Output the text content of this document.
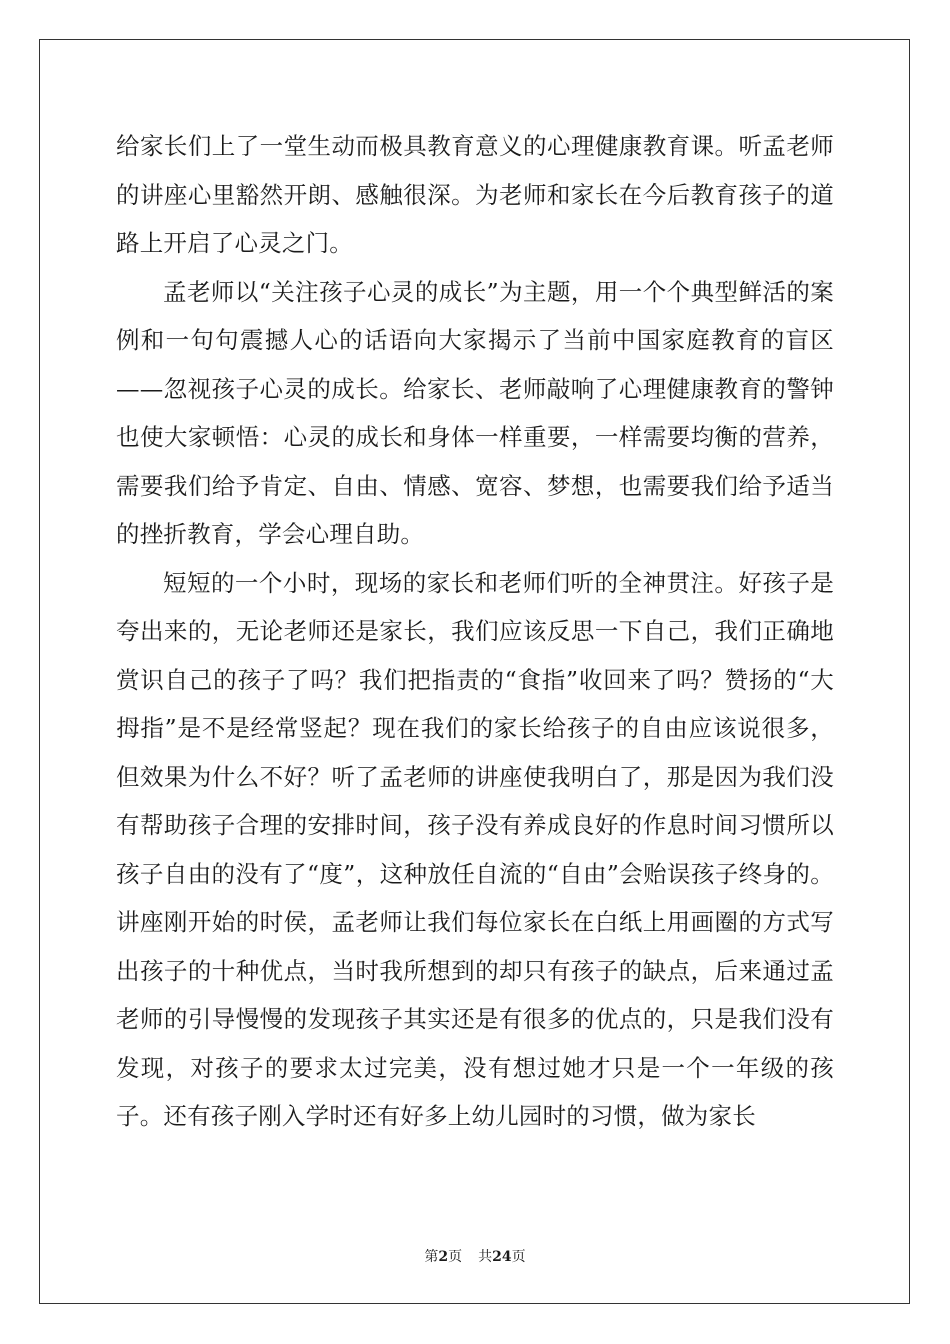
给家长们上了一堂生动而极具教育意义的心理健康教育课。听孟老师的讲座心里豁然开朗、感触很深。为老师和家长在今后教育孩子的道路上开启了心灵之门。

孟老师以“关注孩子心灵的成长”为主题，用一个个典型鲜活的案例和一句句震撼人心的话语向大家揭示了当前中国家庭教育的盲区——忽视孩子心灵的成长。给家长、老师敲响了心理健康教育的警钟也使大家顿悟：心灵的成长和身体一样重要，一样需要均衡的营养，需要我们给予肯定、自由、情感、宽容、梦想，也需要我们给予适当的挫折教育，学会心理自助。

短短的一个小时，现场的家长和老师们听的全神贯注。好孩子是夸出来的，无论老师还是家长，我们应该反思一下自己，我们正确地赏识自己的孩子了吗？我们把指责的“食指”收回来了吗？赞扬的“大拇指”是不是经常竖起？现在我们的家长给孩子的自由应该说很多，但效果为什么不好？听了孟老师的讲座使我明白了，那是因为我们没有帮助孩子合理的安排时间，孩子没有养成良好的作息时间习惯所以孩子自由的没有了“度”，这种放任自流的“自由”会贻误孩子终身的。讲座刚开始的时侯，孟老师让我们每位家长在白纸上用画圈的方式写出孩子的十种优点，当时我所想到的却只有孩子的缺点，后来通过孟老师的引导慢慢的发现孩子其实还是有很多的优点的，只是我们没有发现，对孩子的要求太过完美，没有想过她才只是一个一年级的孩子。还有孩子刚入学时还有好多上幼儿园时的习惯，做为家长

第2页 共24页
